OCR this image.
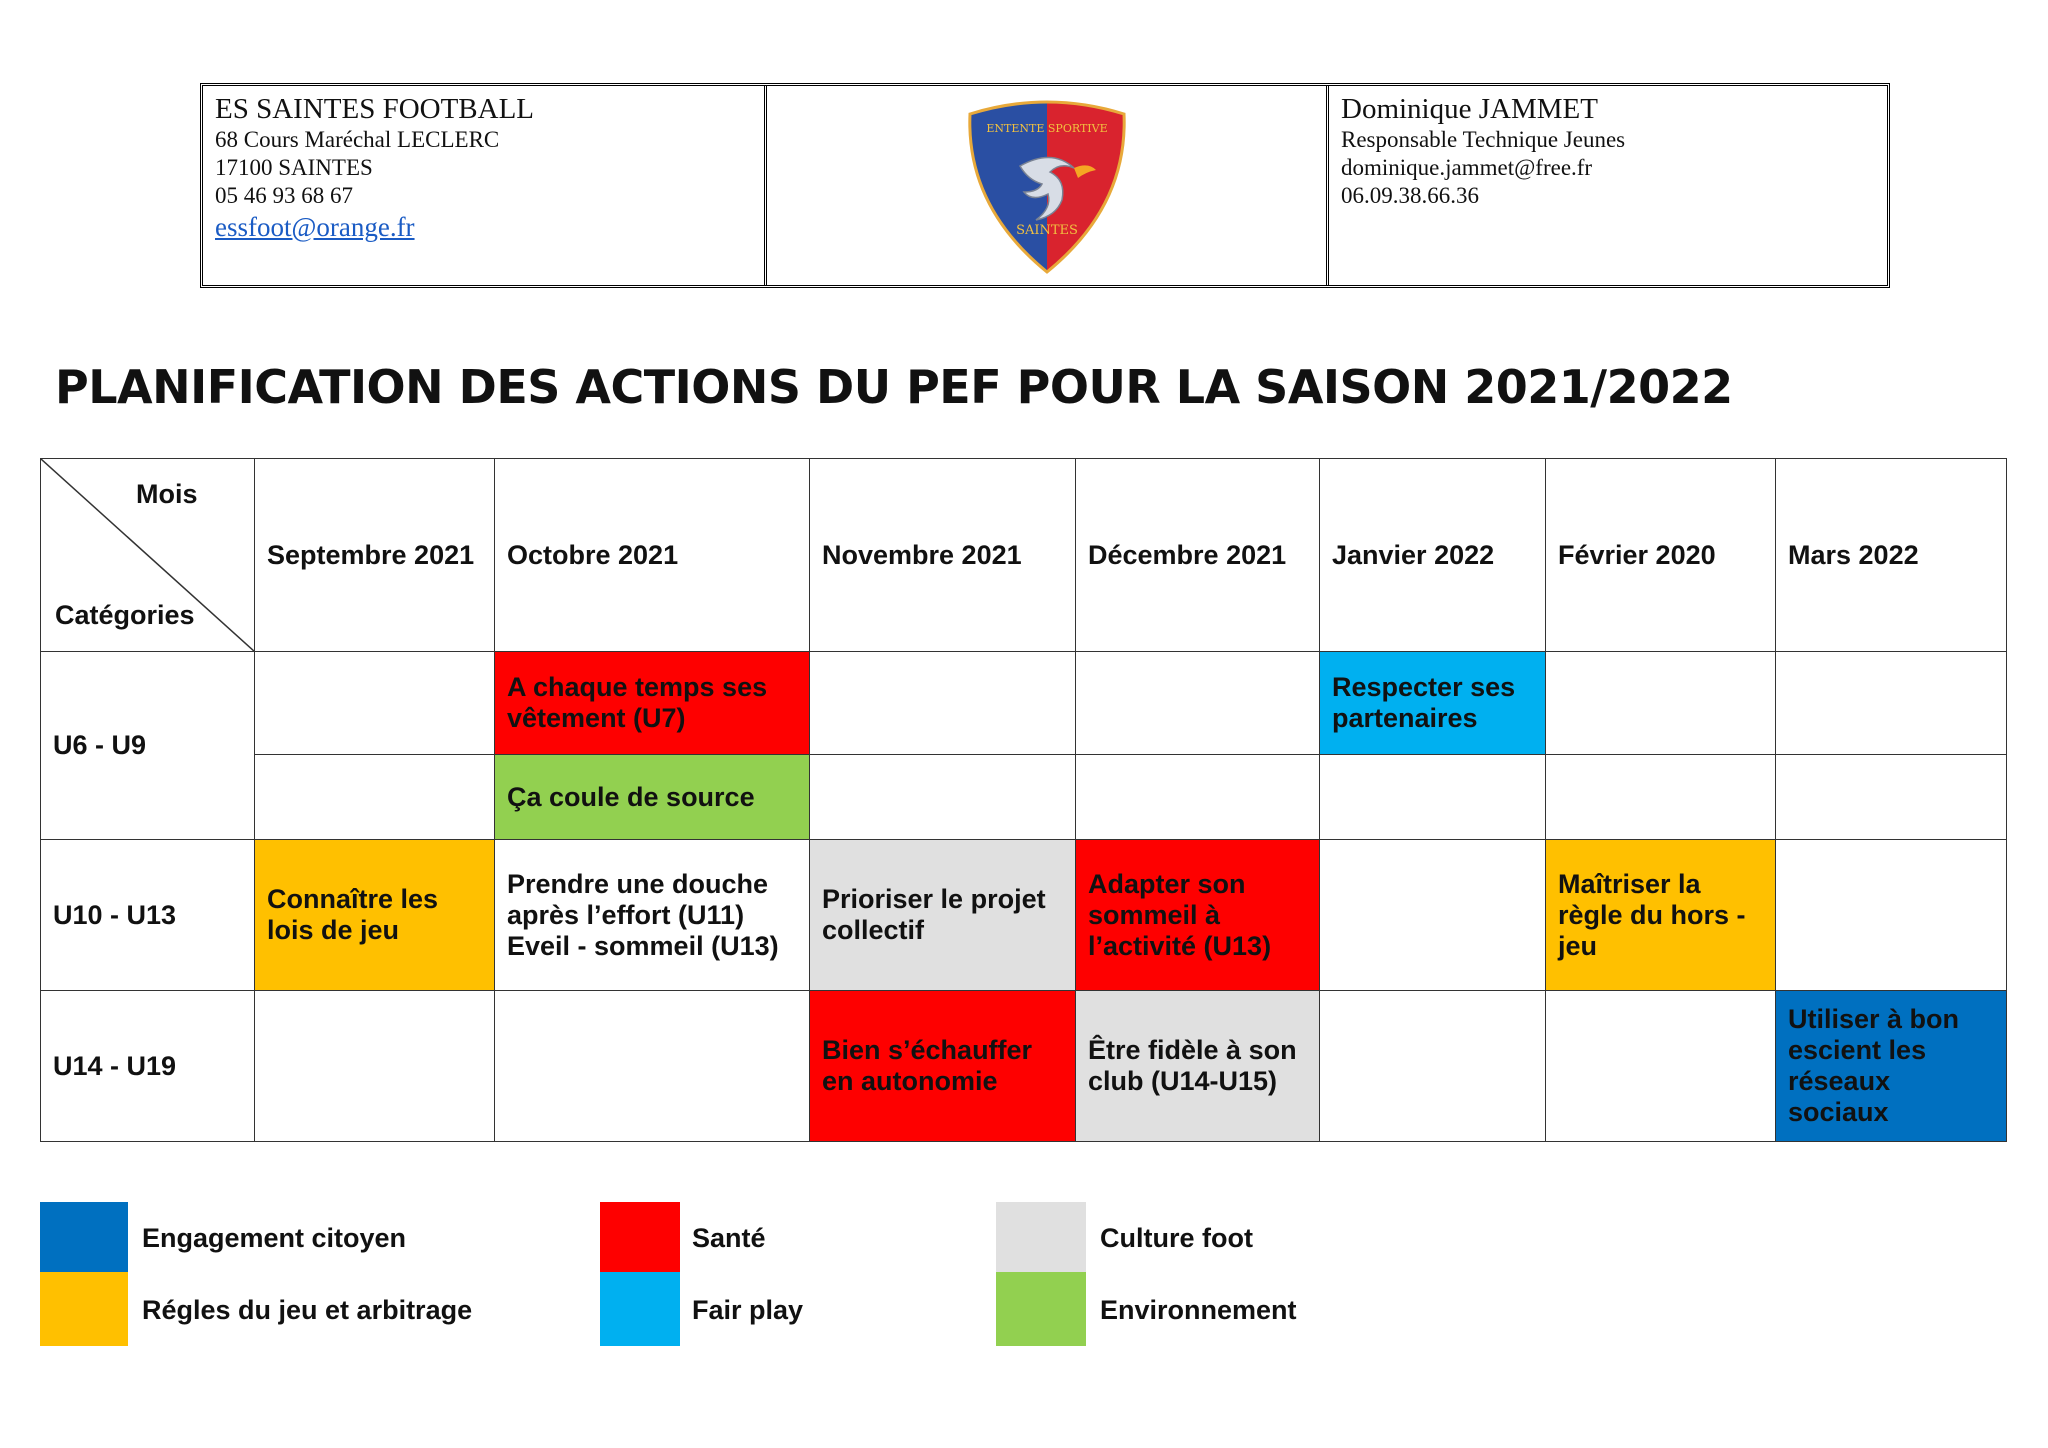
ES SAINTES FOOTBALL
68 Cours Maréchal LECLERC
17100 SAINTES
05 46 93 68 67
essfoot@orange.fr
ENTENTE SPORTIVE
SAINTES
Dominique JAMMET
Responsable Technique Jeunes
dominique.jammet@free.fr
06.09.38.66.36
PLANIFICATION DES ACTIONS DU PEF POUR LA SAISON 2021/2022
Mois
Catégories	Septembre 2021	Octobre 2021	Novembre 2021	Décembre 2021	Janvier 2022	Février 2020	Mars 2022
U6 - U9		A chaque temps ses vêtement (U7)			Respecter ses partenaires		
		Ça coule de source					
U10 - U13	Connaître les lois de jeu	Prendre une douche après l’effort (U11) Eveil - sommeil (U13)	Prioriser le projet collectif	Adapter son sommeil à l’activité (U13)		Maîtriser la règle du hors - jeu	
U14 - U19			Bien s’échauffer en autonomie	Être fidèle à son club (U14-U15)			Utiliser à bon escient les réseaux sociaux
Engagement citoyen
Régles du jeu et arbitrage
Santé
Fair play
Culture foot
Environnement
